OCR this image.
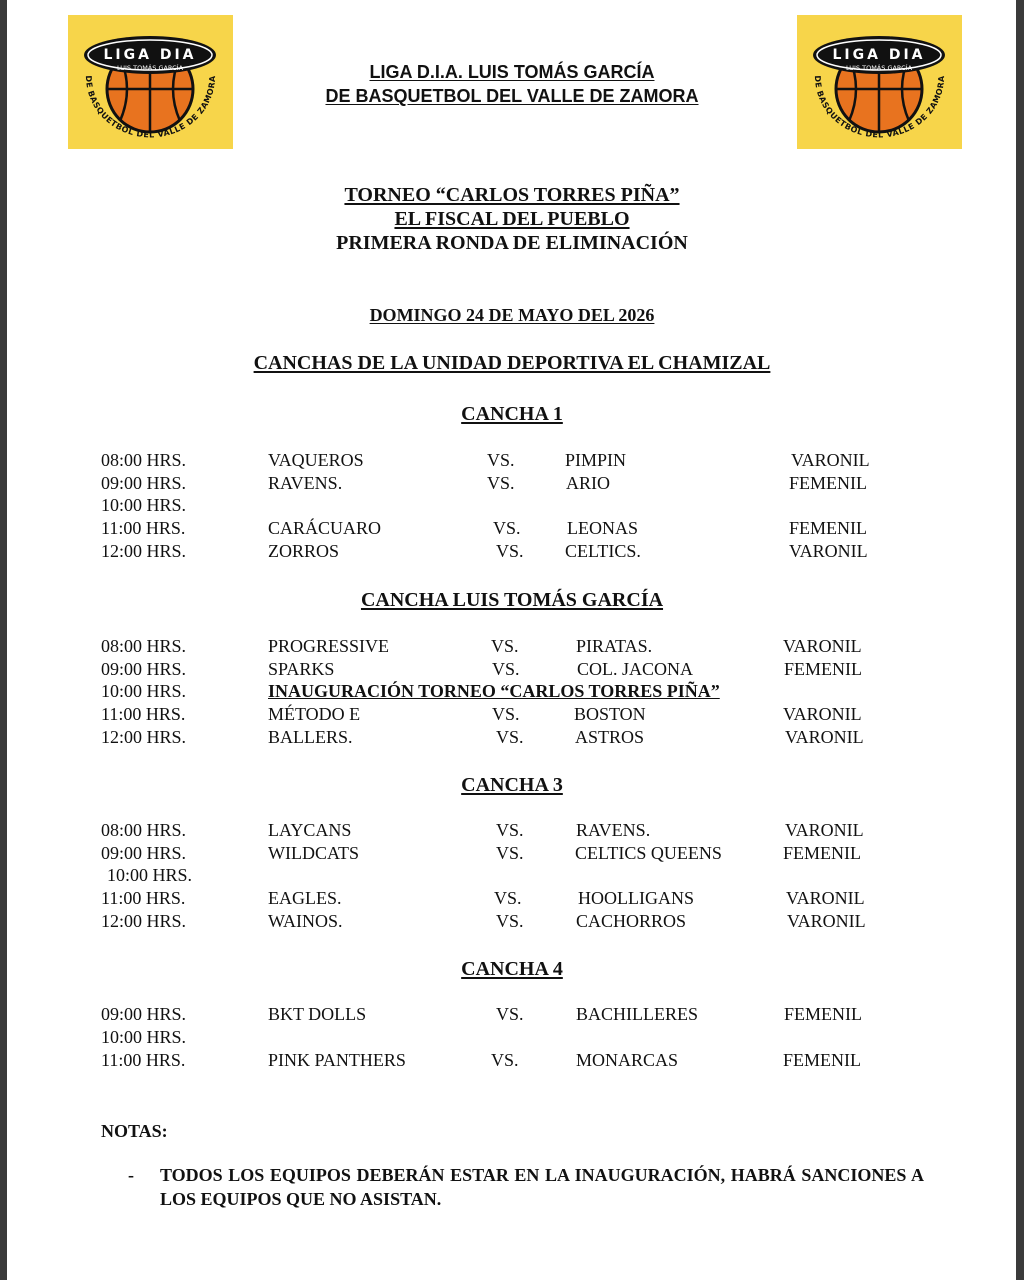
LIGA DIA
LUIS TOMÁS GARCÍA
DE BASQUETBOL DEL VALLE DE ZAMORA
LIGA DIA
LUIS TOMÁS GARCÍA
DE BASQUETBOL DEL VALLE DE ZAMORA
LIGA D.I.A. LUIS TOMÁS GARCÍA
DE BASQUETBOL DEL VALLE DE ZAMORA
TORNEO “CARLOS TORRES PIÑA”
EL FISCAL DEL PUEBLO
PRIMERA RONDA DE ELIMINACIÓN
DOMINGO 24 DE MAYO DEL 2026
CANCHAS DE LA UNIDAD DEPORTIVA EL CHAMIZAL
CANCHA 1
08:00 HRS.	VAQUEROS	VS.	PIMPIN	VARONIL
09:00 HRS.	RAVENS.	VS.	ARIO	FEMENIL
10:00 HRS.
11:00 HRS.	CARÁCUARO	VS.	LEONAS	FEMENIL
12:00 HRS.	ZORROS	VS. CELTICS.	VARONIL
CANCHA LUIS TOMÁS GARCÍA
08:00 HRS.	PROGRESSIVE	VS.	PIRATAS.	VARONIL
09:00 HRS.	SPARKS	VS.	COL. JACONA	FEMENIL
10:00 HRS.	INAUGURACIÓN TORNEO “CARLOS TORRES PIÑA”
11:00 HRS.	MÉTODO E	VS.	BOSTON	VARONIL
12:00 HRS.	BALLERS.	VS.	ASTROS	VARONIL
CANCHA 3
08:00 HRS.	LAYCANS	VS.	RAVENS.	VARONIL
09:00 HRS.	WILDCATS	VS.	CELTICS QUEENS	FEMENIL
10:00 HRS.
11:00 HRS.	EAGLES.	VS.	HOOLLIGANS	VARONIL
12:00 HRS.	WAINOS.	VS.	CACHORROS	VARONIL
CANCHA 4
09:00 HRS.	BKT DOLLS	VS.	BACHILLERES	FEMENIL
10:00 HRS.
11:00 HRS.	PINK PANTHERS	VS.	MONARCAS	FEMENIL
NOTAS:
- TODOS LOS EQUIPOS DEBERÁN ESTAR EN LA INAUGURACIÓN, HABRÁ SANCIONES A LOS EQUIPOS QUE NO ASISTAN.
